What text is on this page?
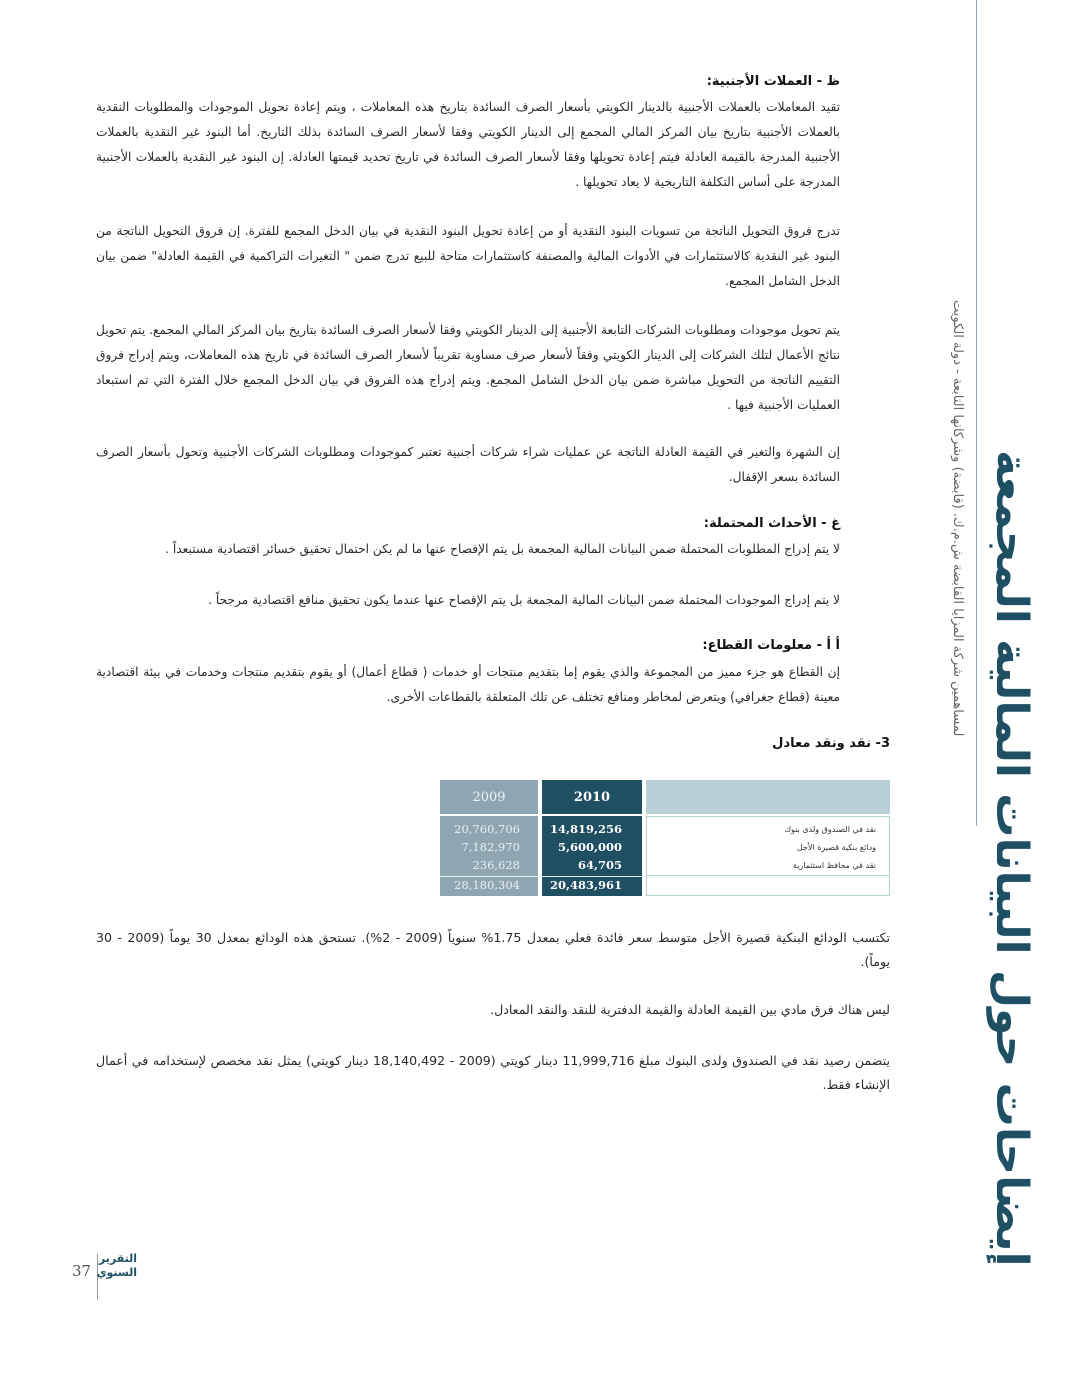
إيضاحات حول البيانات المالية المجمعة
لمساهمين شركة المزايا القابضة ش.م.ك. (قابضة) وشركاتها التابعة - دولة الكويت
ظ - العملات الأجنبية:
تقيد المعاملات بالعملات الأجنبية بالدينار الكويتي بأسعار الصرف السائدة بتاريخ هذه المعاملات ، ويتم إعادة تحويل الموجودات والمطلوبات النقدية بالعملات الأجنبية بتاريخ بيان المركز المالي المجمع إلى الدينار الكويتي وفقا لأسعار الصرف السائدة بذلك التاريخ. أما البنود غير النقدية بالعملات الأجنبية المدرجة بالقيمة العادلة فيتم إعادة تحويلها وفقا لأسعار الصرف السائدة في تاريخ تحديد قيمتها العادلة. إن البنود غير النقدية بالعملات الأجنبية المدرجة على أساس التكلفة التاريخية لا يعاد تحويلها .
تدرج فروق التحويل الناتجة من تسويات البنود النقدية أو من إعادة تحويل البنود النقدية في بيان الدخل المجمع للفترة. إن فروق التحويل الناتجة من البنود غير النقدية كالاستثمارات في الأدوات المالية والمصنفة كاستثمارات متاحة للبيع تدرج ضمن " التغيرات التراكمية في القيمة العادلة" ضمن بيان الدخل الشامل المجمع.
يتم تحويل موجودات ومطلوبات الشركات التابعة الأجنبية إلى الدينار الكويتي وفقا لأسعار الصرف السائدة بتاريخ بيان المركز المالي المجمع. يتم تحويل نتائج الأعمال لتلك الشركات إلى الدينار الكويتي وفقاً لأسعار صرف مساوية تقريباً لأسعار الصرف السائدة في تاريخ هذه المعاملات، ويتم إدراج فروق التقييم الناتجة من التحويل مباشرة ضمن بيان الدخل الشامل المجمع. ويتم إدراج هذه الفروق في بيان الدخل المجمع خلال الفترة التي تم استبعاد العمليات الأجنبية فيها .
إن الشهرة والتغير في القيمة العادلة الناتجة عن عمليات شراء شركات أجنبية تعتبر كموجودات ومطلوبات الشركات الأجنبية وتحول بأسعار الصرف السائدة بسعر الإقفال.
غ - الأحداث المحتملة:
لا يتم إدراج المطلوبات المحتملة ضمن البيانات المالية المجمعة بل يتم الإفصاح عنها ما لم يكن احتمال تحقيق خسائر اقتصادية مستبعداً .
لا يتم إدراج الموجودات المحتملة ضمن البيانات المالية المجمعة بل يتم الإفصاح عنها عندما يكون تحقيق منافع اقتصادية مرجحاً .
أ أ - معلومات القطاع:
إن القطاع هو جزء مميز من المجموعة والذي يقوم إما بتقديم منتجات أو خدمات ( قطاع أعمال) أو يقوم بتقديم منتجات وخدمات في بيئة اقتصادية معينة (قطاع جغرافي) ويتعرض لمخاطر ومنافع تختلف عن تلك المتعلقة بالقطاعات الأخرى.
3- نقد ونقد معادل
2009	2010
20,760,706	14,819,256	نقد في الصندوق ولدى بنوك
7,182,970	5,600,000	ودائع بنكية قصيرة الأجل
236,628	64,705	نقد في محافظ استثمارية
28,180,304	20,483,961
تكتسب الودائع البنكية قصيرة الأجل متوسط سعر فائدة فعلي بمعدل 1.75% سنوياً (2009 - 2%). تستحق هذه الودائع بمعدل 30 يوماً (2009 - 30 يوماً).
ليس هناك فرق مادي بين القيمة العادلة والقيمة الدفترية للنقد والنقد المعادل.
يتضمن رصيد نقد في الصندوق ولدى البنوك مبلغ 11,999,716 دينار كويتي (2009 - 18,140,492 دينار كويتي) يمثل نقد مخصص لإستخدامه في أعمال الإنشاء فقط.
37
التقرير السنوي
